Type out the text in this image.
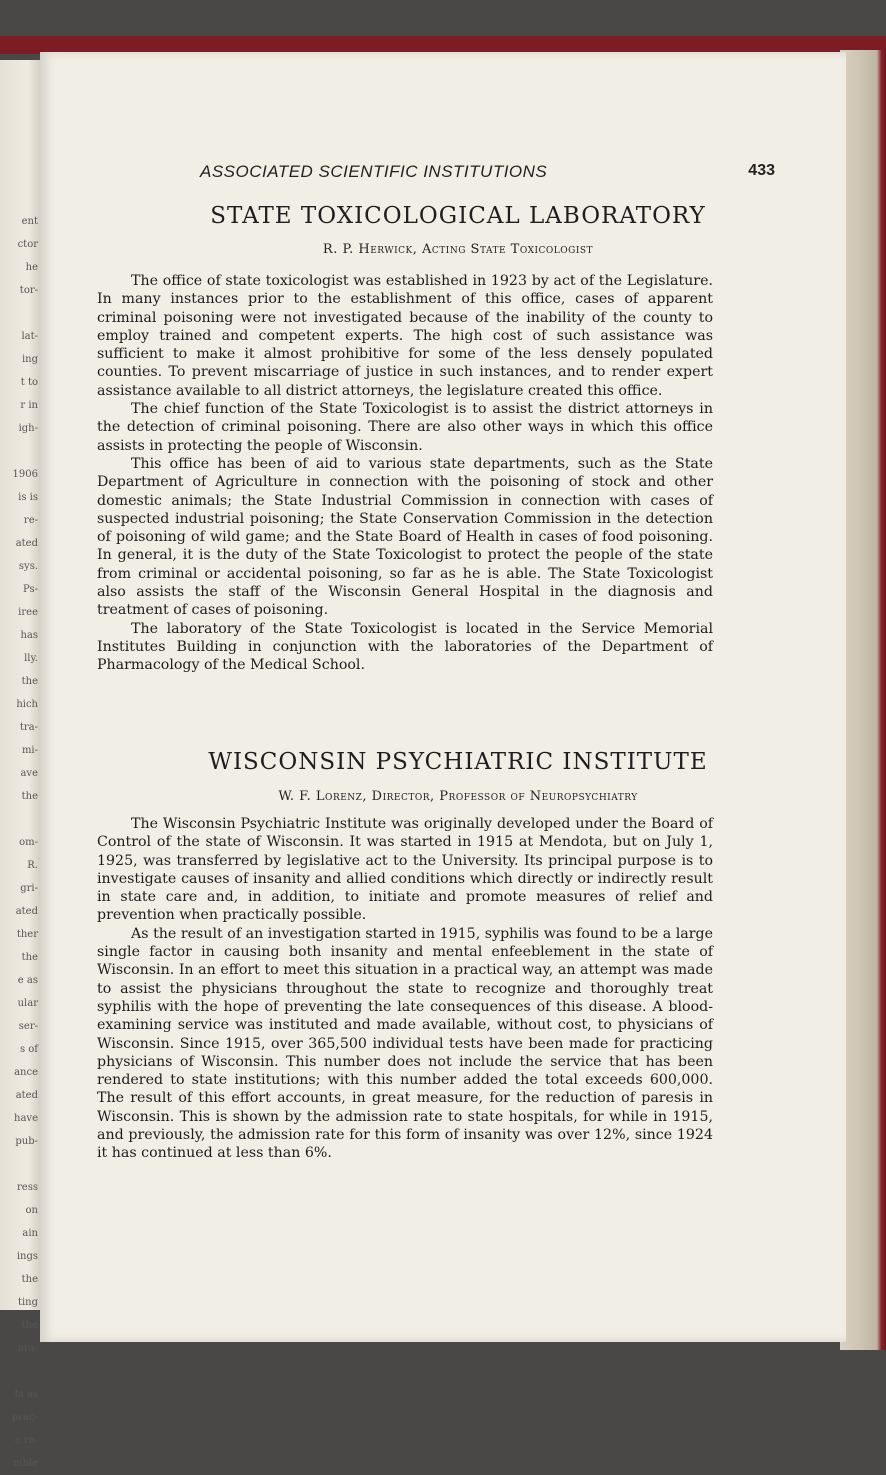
ent
ctor
he
tor-
lat-
ing
t to
r in
igh-
1906
is is
re-
ated
sys.
Ps-
iree
has
lly.
the
hich
tra-
mi-
ave
the
om-
R.
gri-
ated
ther
the
e as
ular
ser-
s of
ance
ated
have
pub-
ress
on
ain
ings
the
ting
the
ara-
ts as
prac-
e re-
mble
ASSOCIATED SCIENTIFIC INSTITUTIONS	433
STATE TOXICOLOGICAL LABORATORY
R. P. Herwick, Acting State Toxicologist

The office of state toxicologist was established in 1923 by act of the Legislature. In many instances prior to the establishment of this office, cases of apparent criminal poisoning were not investigated because of the inability of the county to employ trained and competent experts. The high cost of such assistance was sufficient to make it almost prohibitive for some of the less densely populated counties. To prevent miscarriage of justice in such instances, and to render expert assistance available to all district attorneys, the legislature created this office.

The chief function of the State Toxicologist is to assist the district attorneys in the detection of criminal poisoning. There are also other ways in which this office assists in protecting the people of Wisconsin.

This office has been of aid to various state departments, such as the State Department of Agriculture in connection with the poisoning of stock and other domestic animals; the State Industrial Commission in connection with cases of suspected industrial poisoning; the State Conservation Commission in the detection of poisoning of wild game; and the State Board of Health in cases of food poisoning. In general, it is the duty of the State Toxicologist to protect the people of the state from criminal or accidental poisoning, so far as he is able. The State Toxicologist also assists the staff of the Wisconsin General Hospital in the diagnosis and treatment of cases of poisoning.

The laboratory of the State Toxicologist is located in the Service Memorial Institutes Building in conjunction with the laboratories of the Department of Pharmacology of the Medical School.

WISCONSIN PSYCHIATRIC INSTITUTE
W. F. Lorenz, Director, Professor of Neuropsychiatry

The Wisconsin Psychiatric Institute was originally developed under the Board of Control of the state of Wisconsin. It was started in 1915 at Mendota, but on July 1, 1925, was transferred by legislative act to the University. Its principal purpose is to investigate causes of insanity and allied conditions which directly or indirectly result in state care and, in addition, to initiate and promote measures of relief and prevention when practically possible.

As the result of an investigation started in 1915, syphilis was found to be a large single factor in causing both insanity and mental enfeeblement in the state of Wisconsin. In an effort to meet this situation in a practical way, an attempt was made to assist the physicians throughout the state to recognize and thoroughly treat syphilis with the hope of preventing the late consequences of this disease. A blood-examining service was instituted and made available, without cost, to physicians of Wisconsin. Since 1915, over 365,500 individual tests have been made for practicing physicians of Wisconsin. This number does not include the service that has been rendered to state institutions; with this number added the total exceeds 600,000. The result of this effort accounts, in great measure, for the reduction of paresis in Wisconsin. This is shown by the admission rate to state hospitals, for while in 1915, and previously, the admission rate for this form of insanity was over 12%, since 1924 it has continued at less than 6%.
